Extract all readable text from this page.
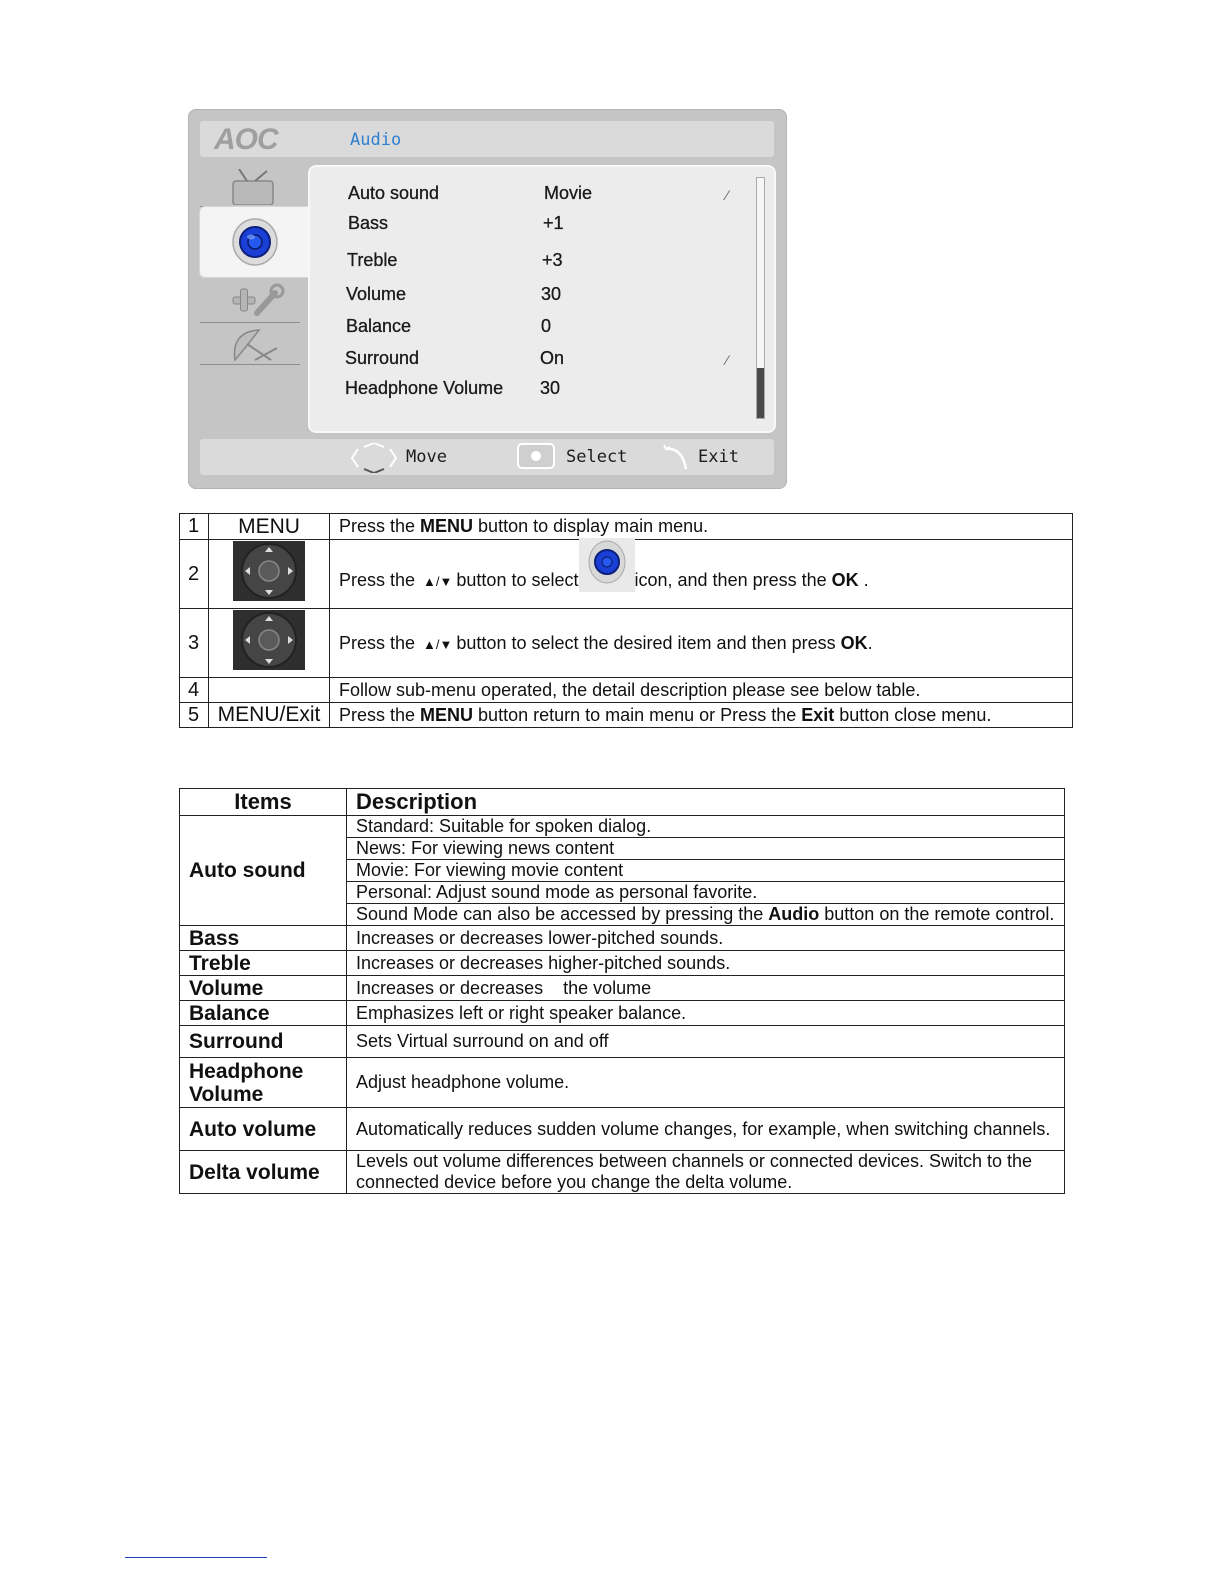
AOC	Audio
Auto sound	Movie	∕
Bass	+1
Treble	+3
Volume	30
Balance	0
Surround	On	∕
Headphone Volume 30
Move	Select	Exit
1	MENU	Press the MENU button to display main menu.
2		Press the ▲/▼ button to select icon, and then press the OK .
3		Press the ▲/▼ button to select the desired item and then press OK.
4		Follow sub-menu operated, the detail description please see below table.
5	MENU/Exit	Press the MENU button return to main menu or Press the Exit button close menu.
Items	Description
Auto sound	Standard: Suitable for spoken dialog.
	News: For viewing news content
	Movie: For viewing movie content
	Personal: Adjust sound mode as personal favorite.
	Sound Mode can also be accessed by pressing the Audio button on the remote control.
Bass	Increases or decreases lower-pitched sounds.
Treble	Increases or decreases higher-pitched sounds.
Volume	Increases or decreases    the volume
Balance	Emphasizes left or right speaker balance.
Surround	Sets Virtual surround on and off
Headphone Volume	Adjust headphone volume.
Auto volume	Automatically reduces sudden volume changes, for example, when switching channels.
Delta volume	Levels out volume differences between channels or connected devices. Switch to the connected device before you change the delta volume.
